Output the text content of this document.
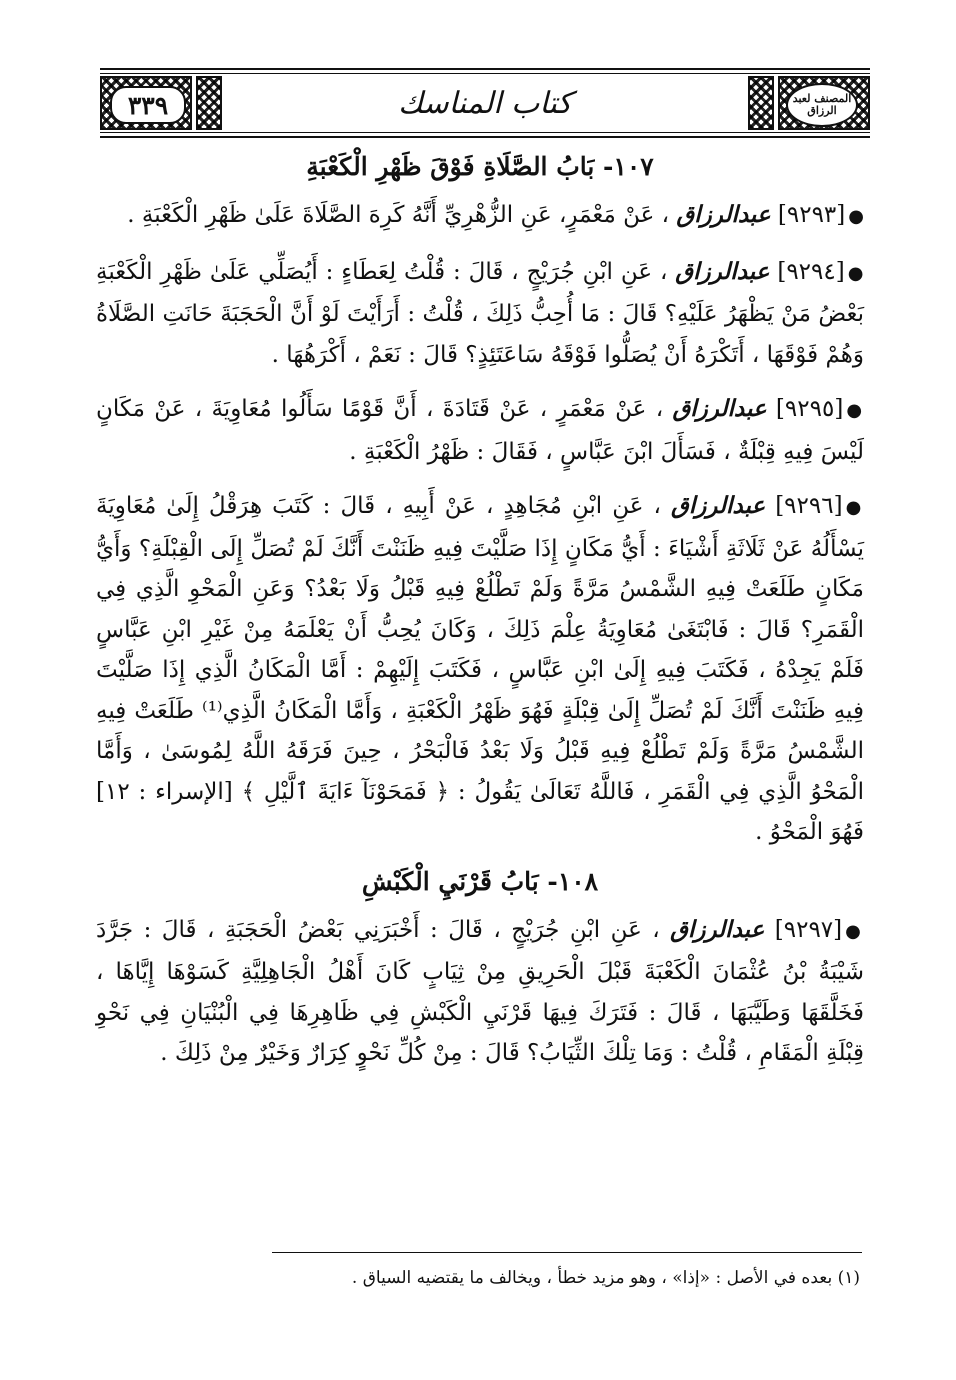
٣٣٩	المصنف لعبد الرزاق
كتاب المناسك
١٠٧- بَابُ الصَّلَاةِ فَوْقَ ظَهْرِ الْكَعْبَةِ

●[٩٢٩٣] عبدالرزاق ، عَنْ مَعْمَرٍ، عَنِ الزُّهْرِيِّ أَنَّهُ كَرِهَ الصَّلَاةَ عَلَىٰ ظَهْرِ الْكَعْبَةِ .

●[٩٢٩٤] عبدالرزاق ، عَنِ ابْنِ جُرَيْجٍ ، قَالَ : قُلْتُ لِعَطَاءٍ : أَيُصَلِّي عَلَىٰ ظَهْرِ الْكَعْبَةِ بَعْضُ مَنْ يَظْهَرُ عَلَيْهِ؟ قَالَ : مَا أُحِبُّ ذَلِكَ ، قُلْتُ : أَرَأَيْتَ لَوْ أَنَّ الْحَجَبَةَ حَانَتِ الصَّلَاةُ وَهُمْ فَوْقَهَا ، أَتَكْرَهُ أَنْ يُصَلُّوا فَوْقَهُ سَاعَتَئِذٍ؟ قَالَ : نَعَمْ ، أَكْرَهُهَا .

●[٩٢٩٥] عبدالرزاق ، عَنْ مَعْمَرٍ ، عَنْ قَتَادَةَ ، أَنَّ قَوْمًا سَأَلُوا مُعَاوِيَةَ ، عَنْ مَكَانٍ لَيْسَ فِيهِ قِبْلَةٌ ، فَسَأَلَ ابْنَ عَبَّاسٍ ، فَقَالَ : ظَهْرُ الْكَعْبَةِ .

●[٩٢٩٦] عبدالرزاق ، عَنِ ابْنِ مُجَاهِدٍ ، عَنْ أَبِيهِ ، قَالَ : كَتَبَ هِرَقْلُ إِلَىٰ مُعَاوِيَةَ يَسْأَلُهُ عَنْ ثَلَاثَةِ أَشْيَاءَ : أَيُّ مَكَانٍ إِذَا صَلَّيْتَ فِيهِ ظَنَنْتَ أَنَّكَ لَمْ تُصَلِّ إِلَى الْقِبْلَةِ؟ وَأَيُّ مَكَانٍ طَلَعَتْ فِيهِ الشَّمْسُ مَرَّةً وَلَمْ تَطْلُعْ فِيهِ قَبْلُ وَلَا بَعْدُ؟ وَعَنِ الْمَحْوِ الَّذِي فِي الْقَمَرِ؟ قَالَ : فَابْتَغَىٰ مُعَاوِيَةُ عِلْمَ ذَلِكَ ، وَكَانَ يُحِبُّ أَنْ يَعْلَمَهُ مِنْ غَيْرِ ابْنِ عَبَّاسٍ فَلَمْ يَجِدْهُ ، فَكَتَبَ فِيهِ إِلَىٰ ابْنِ عَبَّاسٍ ، فَكَتَبَ إِلَيْهِمْ : أَمَّا الْمَكَانُ الَّذِي إِذَا صَلَّيْتَ فِيهِ ظَنَنْتَ أَنَّكَ لَمْ تُصَلِّ إِلَىٰ قِبْلَةٍ فَهُوَ ظَهْرُ الْكَعْبَةِ ، وَأَمَّا الْمَكَانُ الَّذِي⁽¹⁾ طَلَعَتْ فِيهِ الشَّمْسُ مَرَّةً وَلَمْ تَطْلُعْ فِيهِ قَبْلُ وَلَا بَعْدُ فَالْبَحْرُ ، حِينَ فَرَقَهُ اللَّهُ لِمُوسَىٰ ، وَأَمَّا الْمَحْوُ الَّذِي فِي الْقَمَرِ ، فَاللَّهُ تَعَالَىٰ يَقُولُ : ﴿ فَمَحَوْنَآ ءَايَةَ ٱلَّيْلِ ﴾ [الإسراء : ١٢] فَهُوَ الْمَحْوُ .

١٠٨- بَابُ قَرْنَيِ الْكَبْشِ

●[٩٢٩٧] عبدالرزاق ، عَنِ ابْنِ جُرَيْجٍ ، قَالَ : أَخْبَرَنِي بَعْضُ الْحَجَبَةِ ، قَالَ : جَرَّدَ شَيْبَةُ بْنُ عُثْمَانَ الْكَعْبَةَ قَبْلَ الْحَرِيقِ مِنْ ثِيَابٍ كَانَ أَهْلُ الْجَاهِلِيَّةِ كَسَوْهَا إِيَّاهَا ، فَخَلَّقَهَا وَطَيَّبَهَا ، قَالَ : فَتَرَكَ فِيهَا قَرْنَيِ الْكَبْشِ فِي ظَاهِرِهَا فِي الْبُنْيَانِ فِي نَحْوِ قِبْلَةِ الْمَقَامِ ، قُلْتُ : وَمَا تِلْكَ الثِّيَابُ؟ قَالَ : مِنْ كُلِّ نَحْوٍ كِرَارٌ وَخَيْرٌ مِنْ ذَلِكَ .

(١) بعده في الأصل : «إذا» ، وهو مزيد خطأ ، ويخالف ما يقتضيه السياق .
